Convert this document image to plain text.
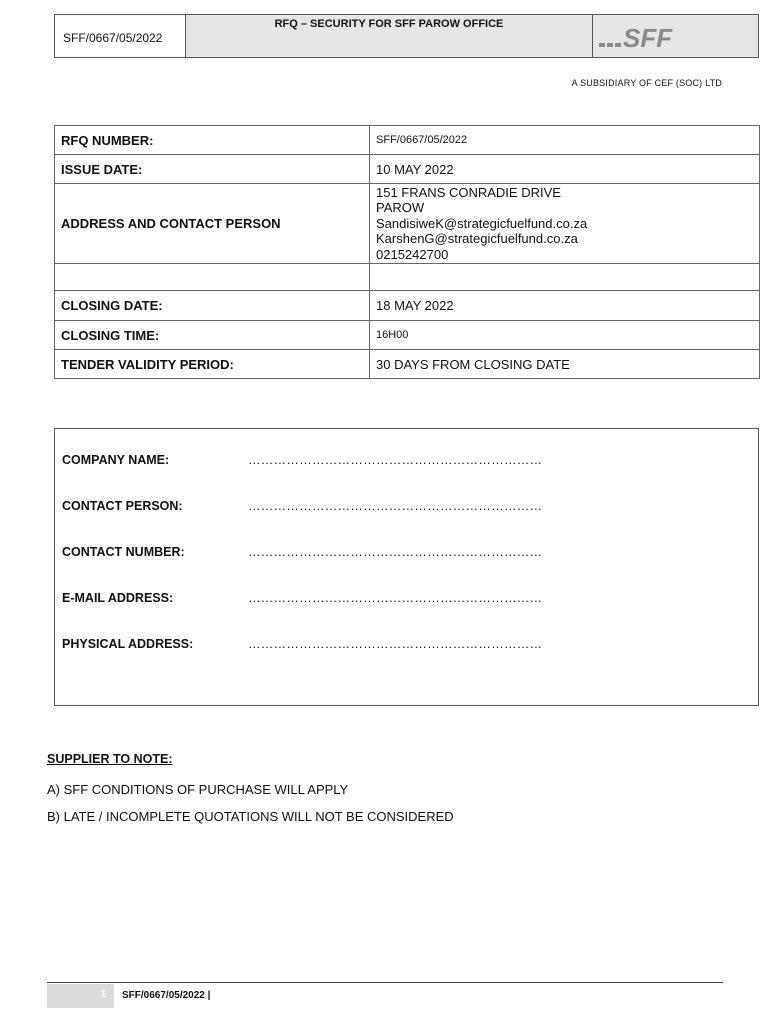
SFF/0667/05/2022
RFQ – SECURITY FOR SFF PAROW OFFICE	SFF
A SUBSIDIARY OF CEF (SOC) LTD
RFQ NUMBER:	SFF/0667/05/2022
ISSUE DATE:	10 MAY 2022
ADDRESS AND CONTACT PERSON	151 FRANS CONRADIE DRIVE
PAROW
SandisiweK@strategicfuelfund.co.za
KarshenG@strategicfuelfund.co.za
0215242700

CLOSING DATE:	18 MAY 2022
CLOSING TIME:	16H00
TENDER VALIDITY PERIOD:	30 DAYS FROM CLOSING DATE
COMPANY NAME:	……………………………………………………………
CONTACT PERSON:	……………………………………………………………
CONTACT NUMBER:	……………………………………………………………
E-MAIL ADDRESS:	……………………………………………………………
PHYSICAL ADDRESS:	……………………………………………………………
SUPPLIER TO NOTE:
A) SFF CONDITIONS OF PURCHASE WILL APPLY
B) LATE / INCOMPLETE QUOTATIONS WILL NOT BE CONSIDERED
1	SFF/0667/05/2022 |
